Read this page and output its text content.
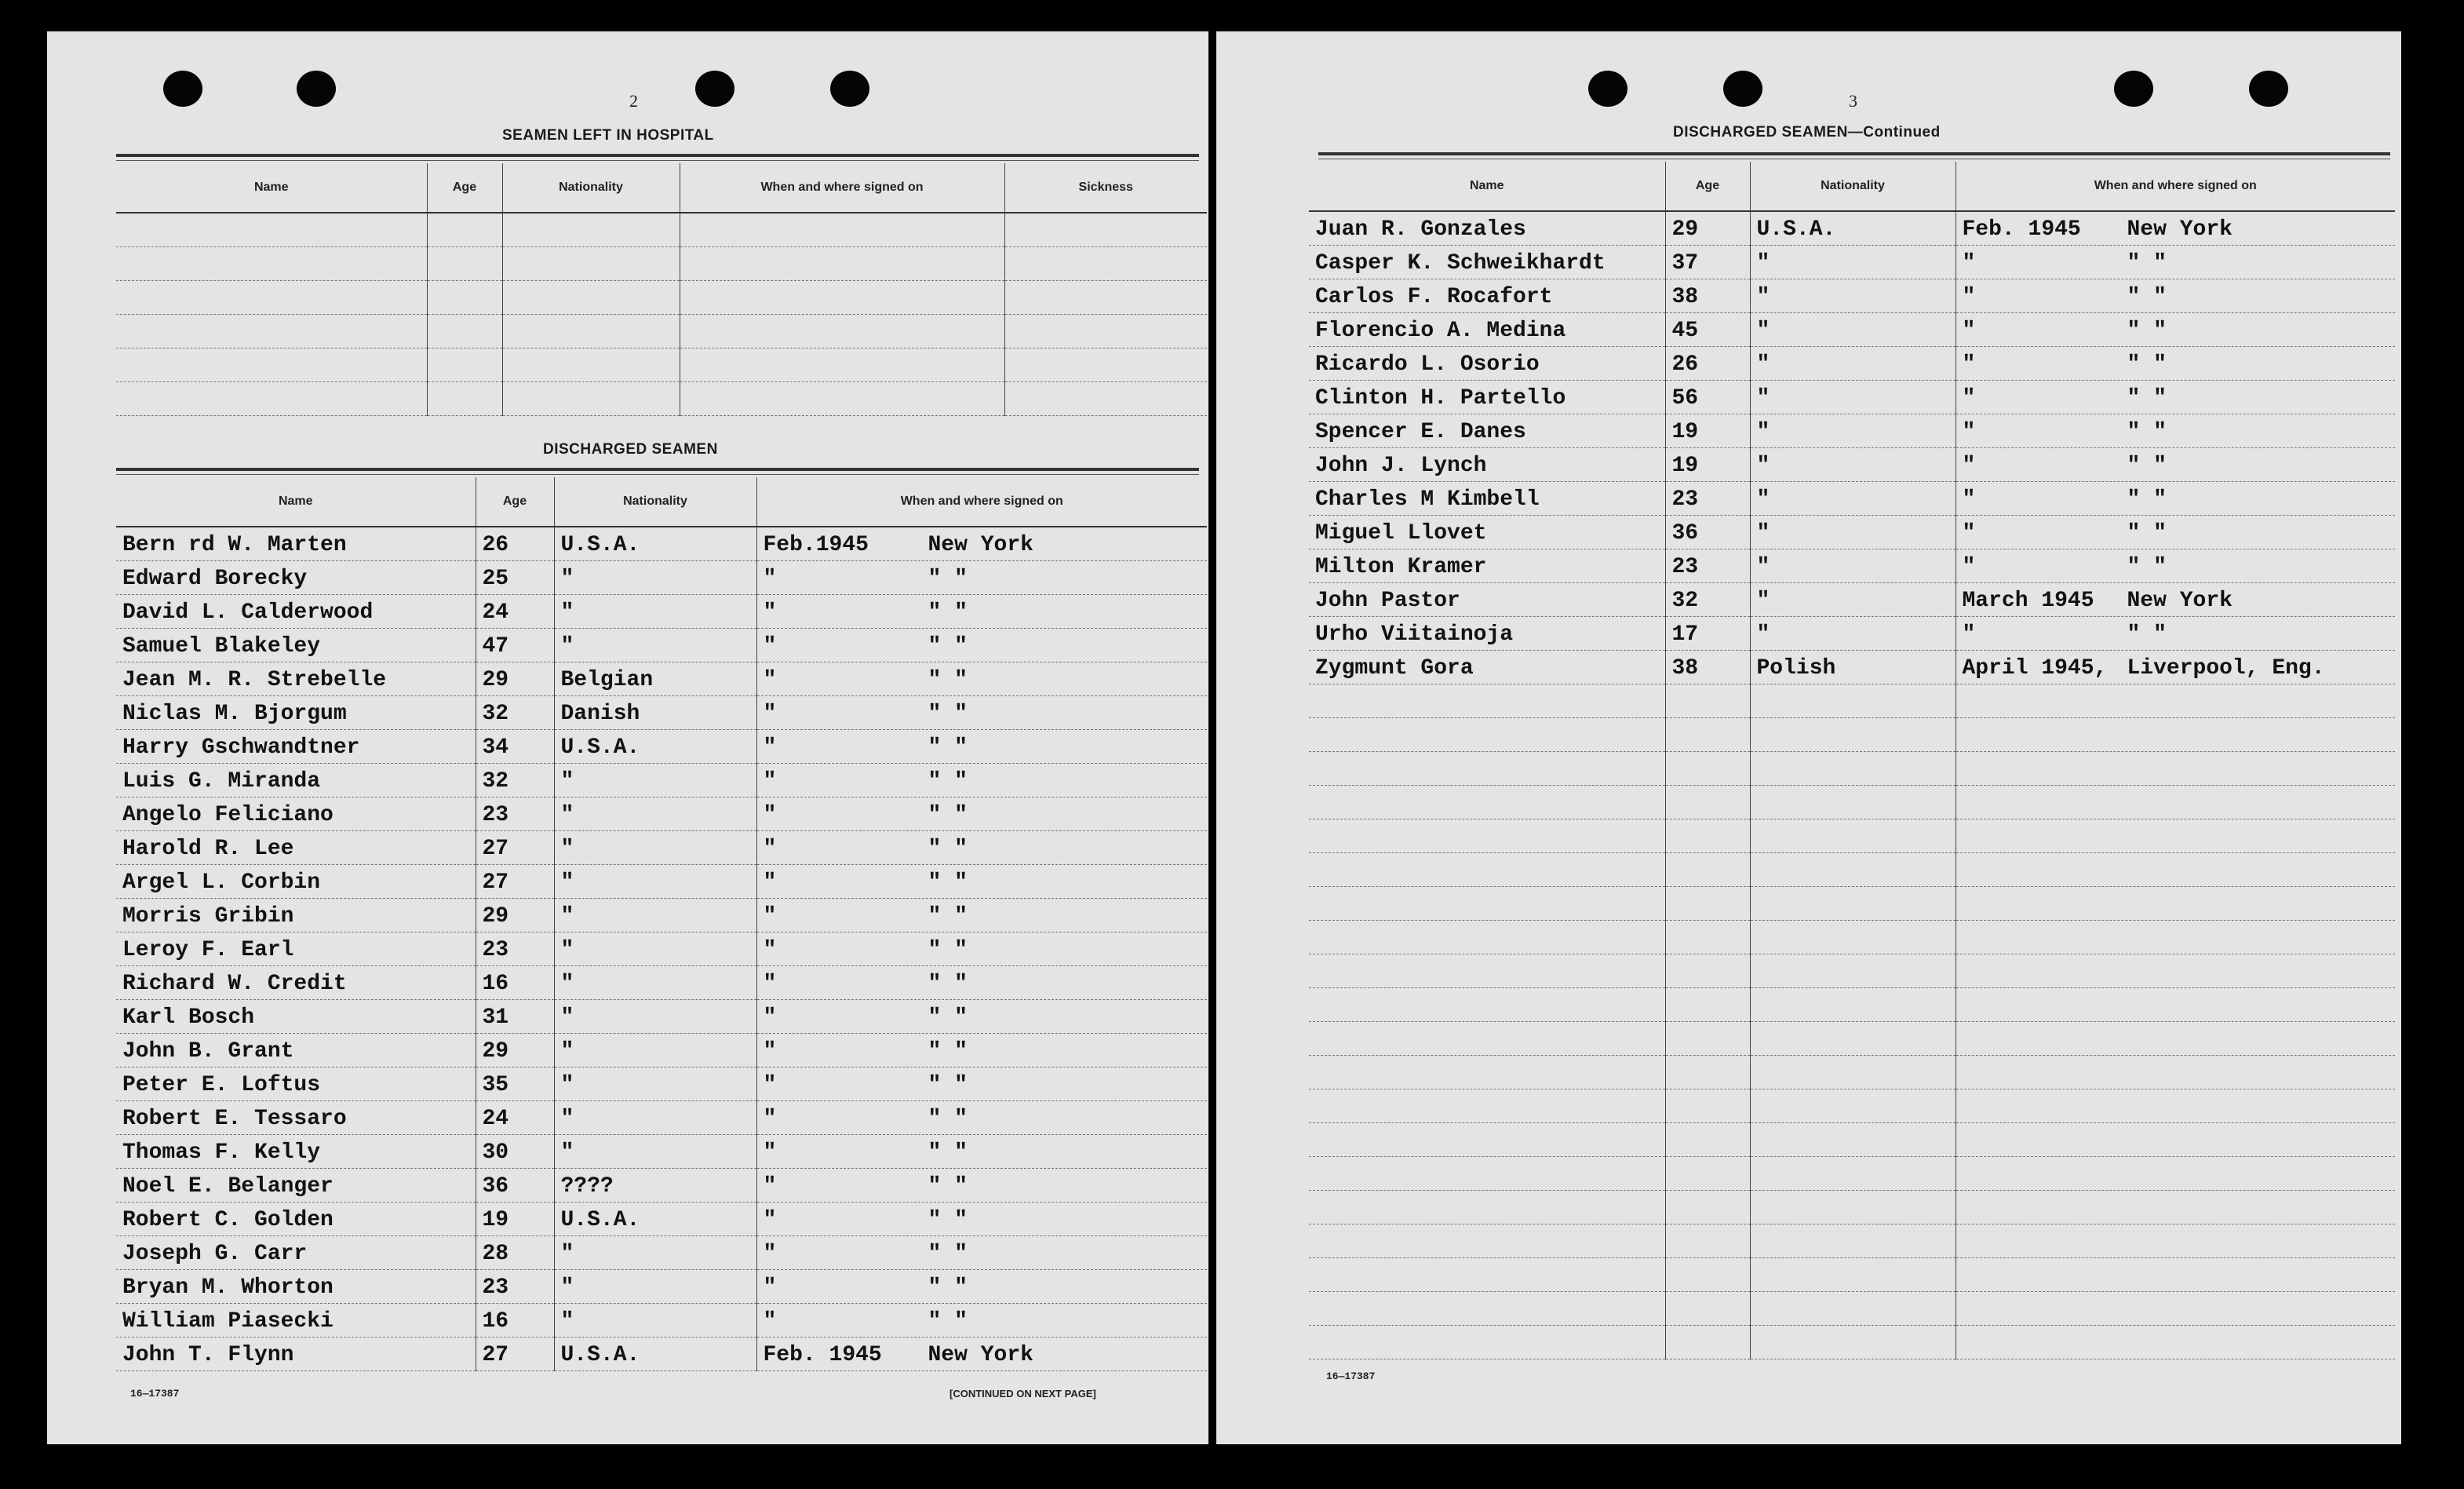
2
SEAMEN LEFT IN HOSPITAL
Name	Age	Nationality	When and where signed on	Sickness

DISCHARGED SEAMEN
Name	Age	Nationality	When and where signed on
Bern rd W. Marten	26	U.S.A.	Feb.1945 New York
Edward Borecky	25	"	" " "
David L. Calderwood	24	"	" " "
Samuel Blakeley	47	"	" " "
Jean M. R. Strebelle	29	Belgian	" " "
Niclas M. Bjorgum	32	Danish	" " "
Harry Gschwandtner	34	U.S.A.	" " "
Luis G. Miranda	32	"	" " "
Angelo Feliciano	23	"	" " "
Harold R. Lee	27	"	" " "
Argel L. Corbin	27	"	" " "
Morris Gribin	29	"	" " "
Leroy F. Earl	23	"	" " "
Richard W. Credit	16	"	" " "
Karl Bosch	31	"	" " "
John B. Grant	29	"	" " "
Peter E. Loftus	35	"	" " "
Robert E. Tessaro	24	"	" " "
Thomas F. Kelly	30	"	" " "
Noel E. Belanger	36	????	" " "
Robert C. Golden	19	U.S.A.	" " "
Joseph G. Carr	28	"	" " "
Bryan M. Whorton	23	"	" " "
William Piasecki	16	"	" " "
John T. Flynn	27	U.S.A.	Feb. 1945 New York
16—17387	[CONTINUED ON NEXT PAGE]
3
DISCHARGED SEAMEN—Continued
Name	Age	Nationality	When and where signed on
Juan R. Gonzales	29	U.S.A.	Feb. 1945 New York
Casper K. Schweikhardt	37	"	" " "
Carlos F. Rocafort	38	"	" " "
Florencio A. Medina	45	"	" " "
Ricardo L. Osorio	26	"	" " "
Clinton H. Partello	56	"	" " "
Spencer E. Danes	19	"	" " "
John J. Lynch	19	"	" " "
Charles M Kimbell	23	"	" " "
Miguel Llovet	36	"	" " "
Milton Kramer	23	"	" " "
John Pastor	32	"	March 1945 New York
Urho Viitainoja	17	"	" " "
Zygmunt Gora	38	Polish	April 1945, Liverpool, Eng.

16—17387
